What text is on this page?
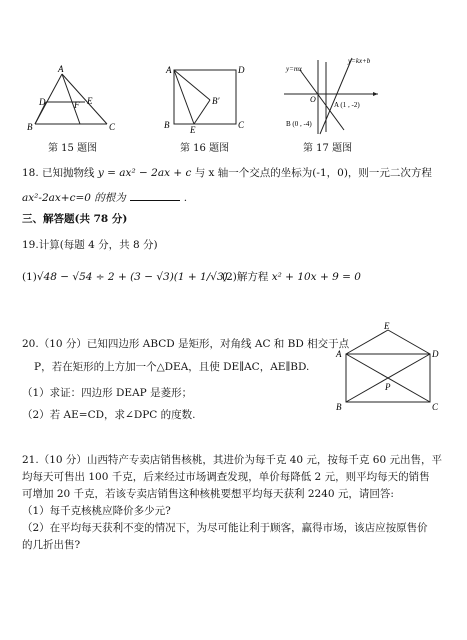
A
D	F E
B	C
第 15 题图
A	D
B′
B E	C
第 16 题图
y=mx
y=kx+b
O
A (1 , -2)
B (0 , -4)
第 17 题图
18. 已知抛物线 y = ax² − 2ax + c 与 x 轴一个交点的坐标为(-1，0)，则一元二次方程
ax²-2ax+c=0 的根为	.
三、解答题(共 78 分)
19.计算(每题 4 分，共 8 分)
(1)√48 − √54 ÷ 2 + (3 − √3)(1 + 1/√3)
(2)解方程 x² + 10x + 9 = 0
20.（10 分）已知四边形 ABCD 是矩形，对角线 AC 和 BD 相交于点
P，若在矩形的上方加一个△DEA，且使 DE∥AC，AE∥BD.
（1）求证：四边形 DEAP 是菱形；
（2）若 AE=CD，求∠DPC 的度数.
E
A	D
P
B	C
21.（10 分）山西特产专卖店销售核桃，其进价为每千克 40 元，按每千克 60 元出售，平
均每天可售出 100 千克，后来经过市场调查发现，单价每降低 2 元，则平均每天的销售
可增加 20 千克，若该专卖店销售这种核桃要想平均每天获利 2240 元，请回答:
（1）每千克核桃应降价多少元?
（2）在平均每天获利不变的情况下，为尽可能让利于顾客，赢得市场，该店应按原售价
的几折出售?
